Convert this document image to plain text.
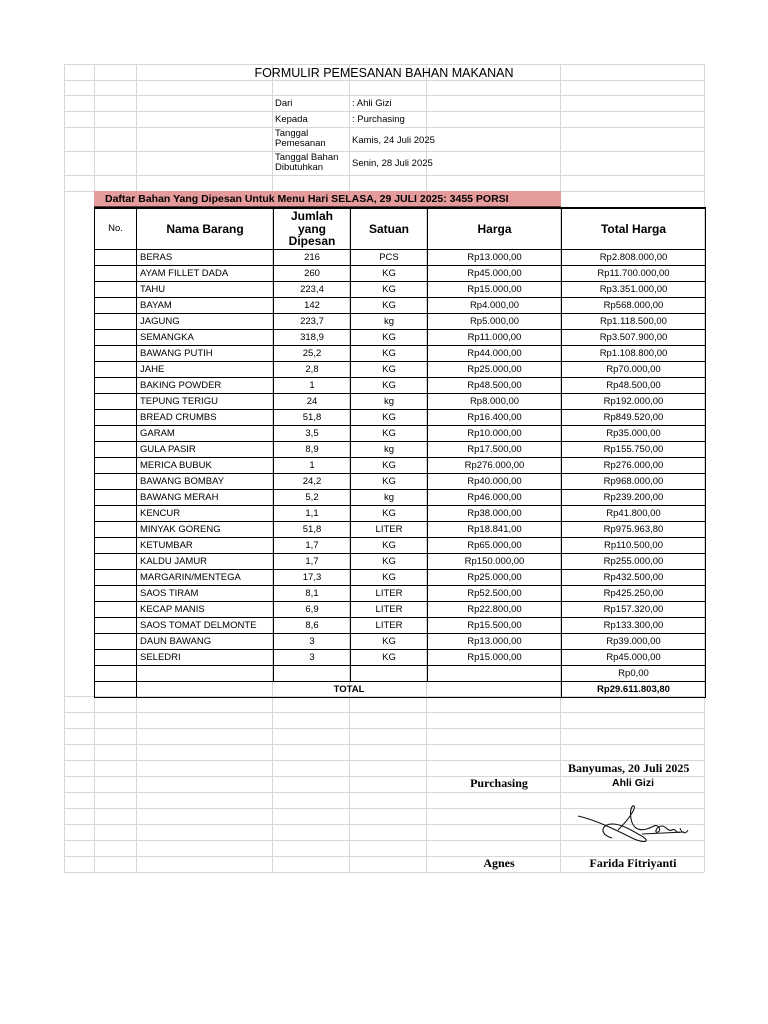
FORMULIR PEMESANAN BAHAN MAKANAN
Dari	: Ahli Gizi
Kepada	: Purchasing
Tanggal Pemesanan	Kamis, 24 Juli 2025
Tanggal Bahan Dibutuhkan	Senin, 28 Juli 2025
Daftar Bahan Yang Dipesan Untuk Menu Hari SELASA, 29 JULI 2025: 3455 PORSI
No.	Nama Barang	Jumlah yang Dipesan	Satuan	Harga	Total Harga
	BERAS	216	PCS	Rp13.000,00	Rp2.808.000,00
	AYAM FILLET DADA	260	KG	Rp45.000,00	Rp11.700.000,00
	TAHU	223,4	KG	Rp15.000,00	Rp3.351.000,00
	BAYAM	142	KG	Rp4.000,00	Rp568.000,00
	JAGUNG	223,7	kg	Rp5.000,00	Rp1.118.500,00
	SEMANGKA	318,9	KG	Rp11.000,00	Rp3.507.900,00
	BAWANG PUTIH	25,2	KG	Rp44.000,00	Rp1.108.800,00
	JAHE	2,8	KG	Rp25.000,00	Rp70.000,00
	BAKING POWDER	1	KG	Rp48.500,00	Rp48.500,00
	TEPUNG TERIGU	24	kg	Rp8.000,00	Rp192.000,00
	BREAD CRUMBS	51,8	KG	Rp16.400,00	Rp849.520,00
	GARAM	3,5	KG	Rp10.000,00	Rp35.000,00
	GULA PASIR	8,9	kg	Rp17.500,00	Rp155.750,00
	MERICA BUBUK	1	KG	Rp276.000,00	Rp276.000,00
	BAWANG BOMBAY	24,2	KG	Rp40.000,00	Rp968.000,00
	BAWANG MERAH	5,2	kg	Rp46.000,00	Rp239.200,00
	KENCUR	1,1	KG	Rp38.000,00	Rp41.800,00
	MINYAK GORENG	51,8	LITER	Rp18.841,00	Rp975.963,80
	KETUMBAR	1,7	KG	Rp65.000,00	Rp110.500,00
	KALDU JAMUR	1,7	KG	Rp150.000,00	Rp255.000,00
	MARGARIN/MENTEGA	17,3	KG	Rp25.000,00	Rp432.500,00
	SAOS TIRAM	8,1	LITER	Rp52.500,00	Rp425.250,00
	KECAP MANIS	6,9	LITER	Rp22.800,00	Rp157.320,00
	SAOS TOMAT DELMONTE	8,6	LITER	Rp15.500,00	Rp133.300,00
	DAUN BAWANG	3	KG	Rp13.000,00	Rp39.000,00
	SELEDRI	3	KG	Rp15.000,00	Rp45.000,00
					Rp0,00
	TOTAL				Rp29.611.803,80
Banyumas, 20 Juli 2025
Purchasing	Ahli Gizi
Agnes	Farida Fitriyanti
